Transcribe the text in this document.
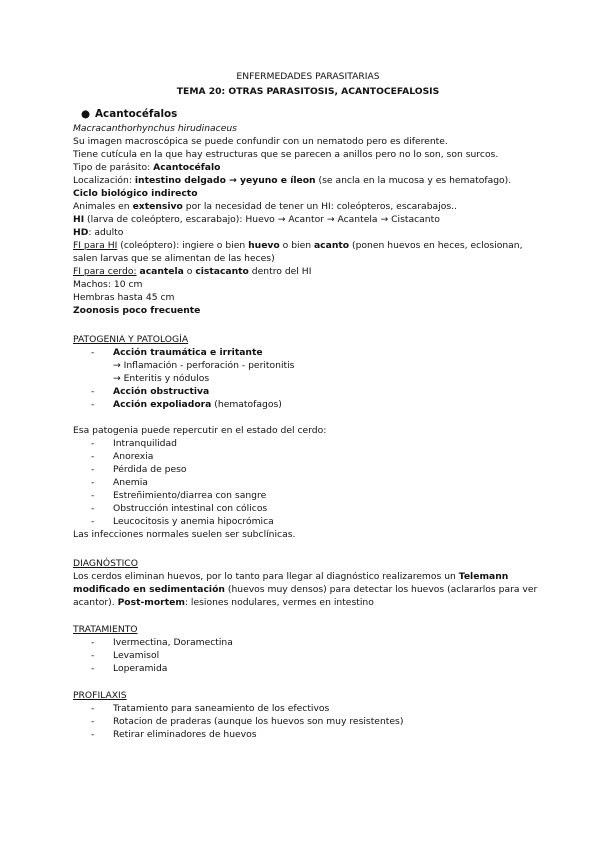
ENFERMEDADES PARASITARIAS

TEMA 20: OTRAS PARASITOSIS, ACANTOCEFALOSIS

● Acantocéfalos

Macracanthorhynchus hirudinaceus

Su imagen macroscópica se puede confundir con un nematodo pero es diferente.

Tiene cutícula en la que hay estructuras que se parecen a anillos pero no lo son, son surcos.

Tipo de parásito: Acantocéfalo

Localización: intestino delgado → yeyuno e íleon (se ancla en la mucosa y es hematofago).

Ciclo biológico indirecto

Animales en extensivo por la necesidad de tener un HI: coleópteros, escarabajos..

HI (larva de coleóptero, escarabajo): Huevo → Acantor → Acantela → Cistacanto

HD: adulto

FI para HI (coleóptero): ingiere o bien huevo o bien acanto (ponen huevos en heces, eclosionan,

salen larvas que se alimentan de las heces)

FI para cerdo: acantela o cistacanto dentro del HI

Machos: 10 cm

Hembras hasta 45 cm

Zoonosis poco frecuente

PATOGENIA Y PATOLOGÍA

- Acción traumática e irritante
→ Inflamación - perforación - peritonitis
→ Enteritis y nódulos
- Acción obstructiva
- Acción expoliadora (hematofagos)

Esa patogenia puede repercutir en el estado del cerdo:

- Intranquilidad
- Anorexia
- Pérdida de peso
- Anemia
- Estreñimiento/diarrea con sangre
- Obstrucción intestinal con cólicos
- Leucocitosis y anemia hipocrómica

Las infecciones normales suelen ser subclínicas.

DIAGNÓSTICO

Los cerdos eliminan huevos, por lo tanto para llegar al diagnóstico realizaremos un Telemann
modificado en sedimentación (huevos muy densos) para detectar los huevos (aclararlos para ver
acantor). Post-mortem: lesiones nodulares, vermes en intestino

TRATAMIENTO

- Ivermectina, Doramectina
- Levamisol
- Loperamida

PROFILAXIS

- Tratamiento para saneamiento de los efectivos
- Rotacion de praderas (aunque los huevos son muy resistentes)
- Retirar eliminadores de huevos
